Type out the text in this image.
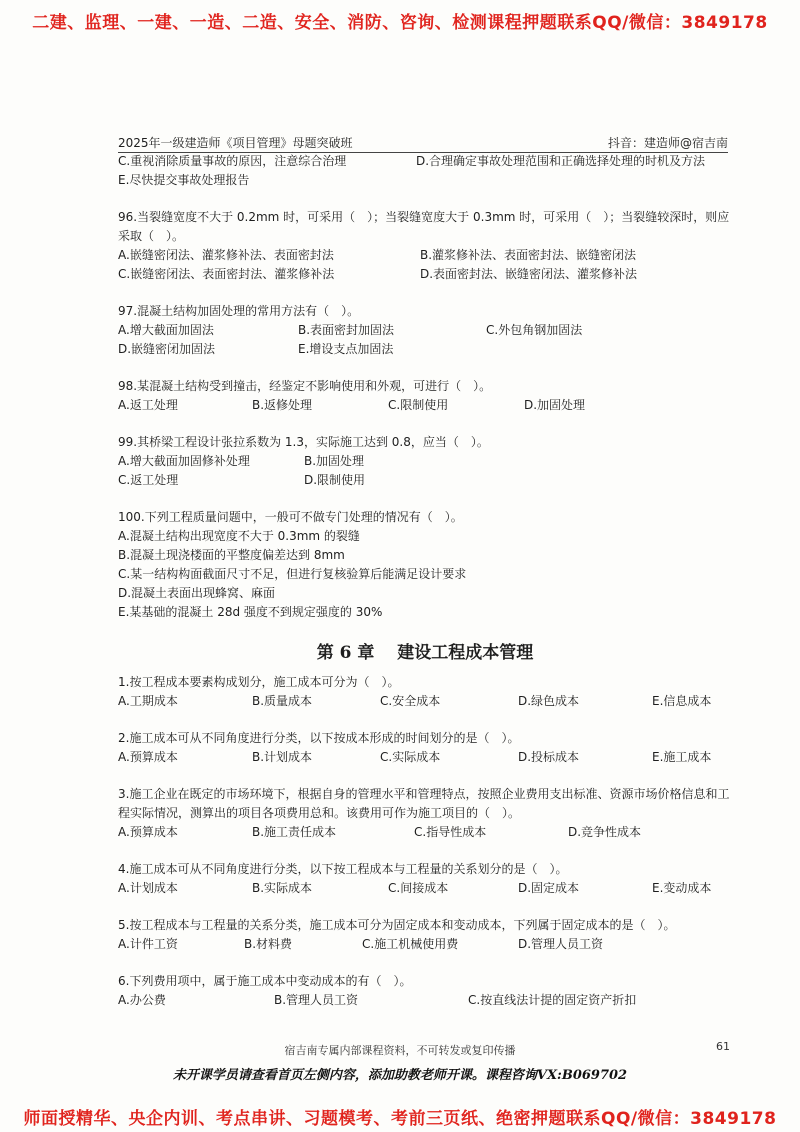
二建、监理、一建、一造、二造、安全、消防、咨询、检测课程押题联系QQ/微信：3849178
2025年一级建造师《项目管理》母题突破班	抖音：建造师@宿吉南
C.重视消除质量事故的原因，注意综合治理	D.合理确定事故处理范围和正确选择处理的时机及方法
E.尽快提交事故处理报告
96.当裂缝宽度不大于 0.2mm 时，可采用（　）；当裂缝宽度大于 0.3mm 时，可采用（　）；当裂缝较深时，则应采取（　）。
A.嵌缝密闭法、灌浆修补法、表面密封法	B.灌浆修补法、表面密封法、嵌缝密闭法
C.嵌缝密闭法、表面密封法、灌浆修补法	D.表面密封法、嵌缝密闭法、灌浆修补法
97.混凝土结构加固处理的常用方法有（　）。
A.增大截面加固法	B.表面密封加固法	C.外包角钢加固法
D.嵌缝密闭加固法	E.增设支点加固法
98.某混凝土结构受到撞击，经鉴定不影响使用和外观，可进行（　）。
A.返工处理	B.返修处理	C.限制使用	D.加固处理
99.其桥梁工程设计张拉系数为 1.3，实际施工达到 0.8，应当（　）。
A.增大截面加固修补处理	B.加固处理
C.返工处理	D.限制使用
100.下列工程质量问题中，一般可不做专门处理的情况有（　）。
A.混凝土结构出现宽度不大于 0.3mm 的裂缝
B.混凝土现浇楼面的平整度偏差达到 8mm
C.某一结构构面截面尺寸不足，但进行复核验算后能满足设计要求
D.混凝土表面出现蜂窝、麻面
E.某基础的混凝土 28d 强度不到规定强度的 30%
第 6 章　 建设工程成本管理
1.按工程成本要素构成划分，施工成本可分为（　）。
A.工期成本	B.质量成本	C.安全成本	D.绿色成本	E.信息成本
2.施工成本可从不同角度进行分类，以下按成本形成的时间划分的是（　）。
A.预算成本	B.计划成本	C.实际成本	D.投标成本	E.施工成本
3.施工企业在既定的市场环境下，根据自身的管理水平和管理特点，按照企业费用支出标准、资源市场价格信息和工程实际情况，测算出的项目各项费用总和。该费用可作为施工项目的（　）。
A.预算成本	B.施工责任成本	C.指导性成本	D.竞争性成本
4.施工成本可从不同角度进行分类，以下按工程成本与工程量的关系划分的是（　）。
A.计划成本	B.实际成本	C.间接成本	D.固定成本	E.变动成本
5.按工程成本与工程量的关系分类，施工成本可分为固定成本和变动成本，下列属于固定成本的是（　）。
A.计件工资	B.材料费	C.施工机械使用费	D.管理人员工资
6.下列费用项中，属于施工成本中变动成本的有（　）。
A.办公费	B.管理人员工资	C.按直线法计提的固定资产折扣
宿吉南专属内部课程资料，不可转发或复印传播	61
未开课学员请查看首页左侧内容，添加助教老师开课。课程咨询VX:B069702
师面授精华、央企内训、考点串讲、习题模考、考前三页纸、绝密押题联系QQ/微信：3849178
